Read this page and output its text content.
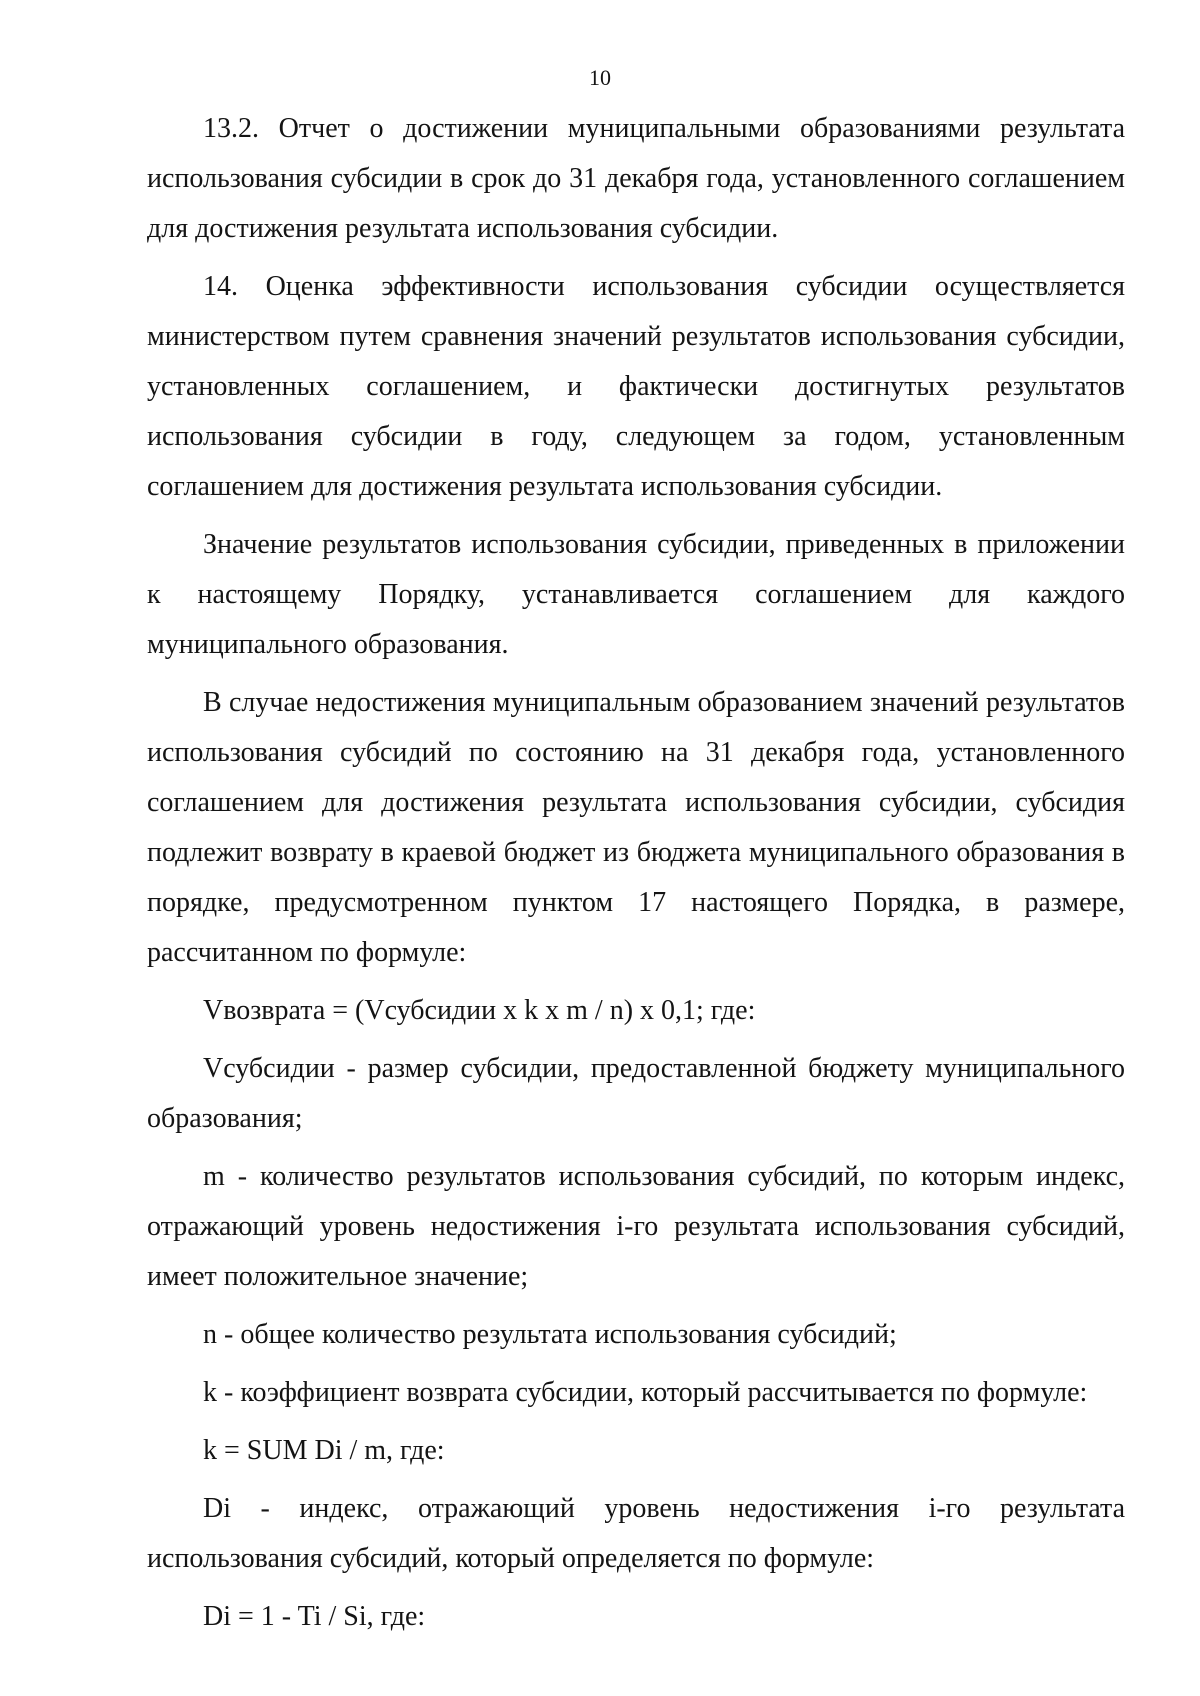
10

13.2. Отчет о достижении муниципальными образованиями результата использования субсидии в срок до 31 декабря года, установленного соглашением для достижения результата использования субсидии.

14. Оценка эффективности использования субсидии осуществляется министерством путем сравнения значений результатов использования субсидии, установленных соглашением, и фактически достигнутых результатов использования субсидии в году, следующем за годом, установленным соглашением для достижения результата использования субсидии.

Значение результатов использования субсидии, приведенных в приложении к настоящему Порядку, устанавливается соглашением для каждого муниципального образования.

В случае недостижения муниципальным образованием значений результатов использования субсидий по состоянию на 31 декабря года, установленного соглашением для достижения результата использования субсидии, субсидия подлежит возврату в краевой бюджет из бюджета муниципального образования в порядке, предусмотренном пунктом 17 настоящего Порядка, в размере, рассчитанном по формуле:

Vвозврата = (Vсубсидии x k x m / n) x 0,1; где:

Vсубсидии - размер субсидии, предоставленной бюджету муниципального образования;

m - количество результатов использования субсидий, по которым индекс, отражающий уровень недостижения i-го результата использования субсидий, имеет положительное значение;

n - общее количество результата использования субсидий;

k - коэффициент возврата субсидии, который рассчитывается по формуле:

k = SUM Di / m, где:

Di - индекс, отражающий уровень недостижения i-го результата использования субсидий, который определяется по формуле:

Di = 1 - Ti / Si, где:
